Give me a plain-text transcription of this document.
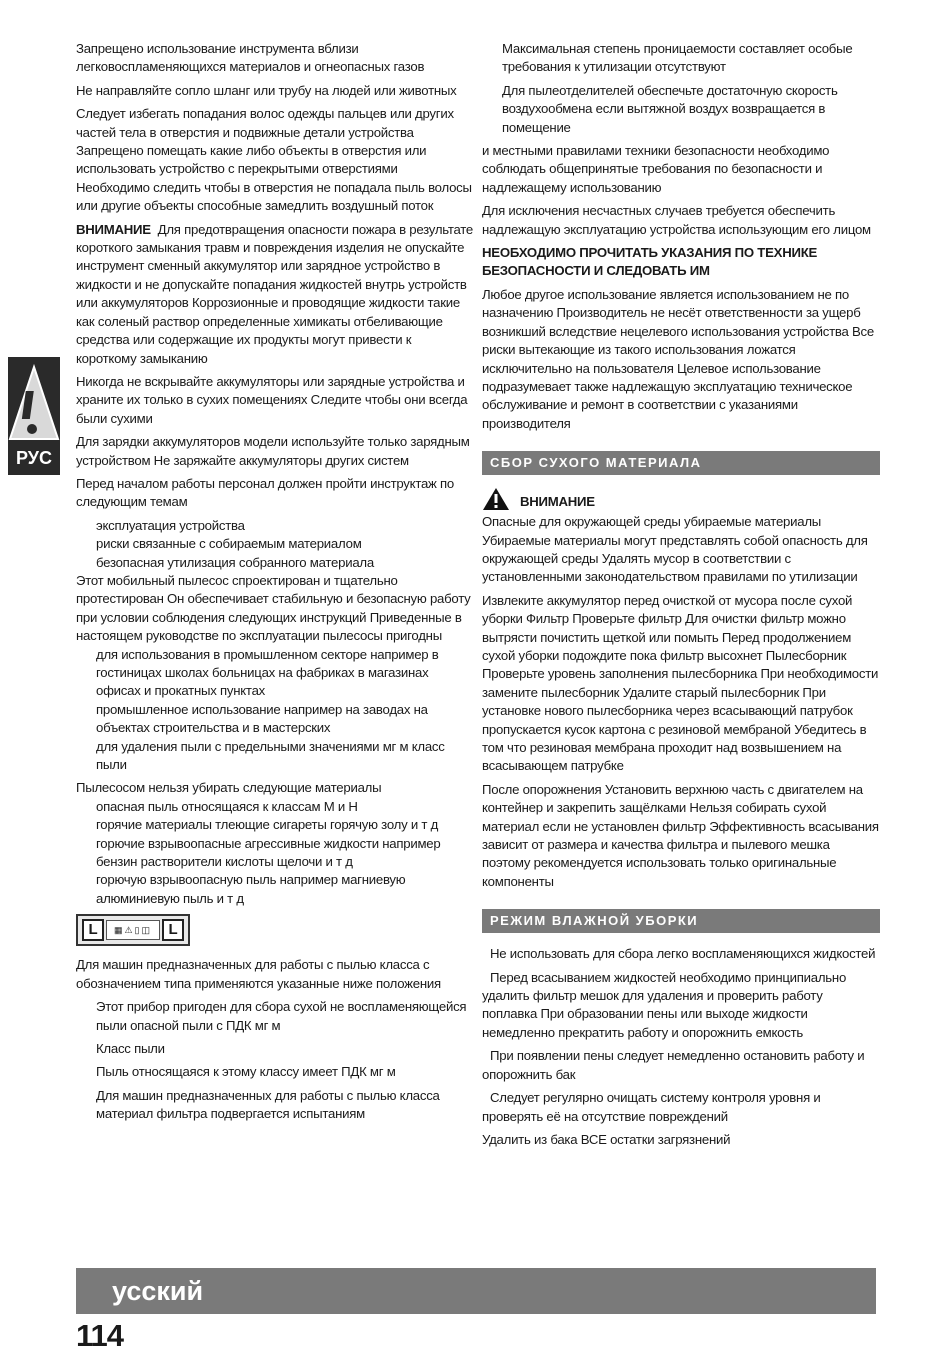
РУС

Запрещено использование инструмента вблизи легковоспламеняющихся материалов и огнеопасных газов

Не направляйте сопло шланг или трубу на людей или животных

Следует избегать попадания волос одежды пальцев или других частей тела в отверстия и подвижные детали устройства Запрещено помещать какие либо объекты в отверстия или использовать устройство с перекрытыми отверстиями Необходимо следить чтобы в отверстия не попадала пыль волосы или другие объекты способные замедлить воздушный поток

ВНИМАНИЕ Для предотвращения опасности пожара в результате короткого замыкания травм и повреждения изделия не опускайте инструмент сменный аккумулятор или зарядное устройство в жидкости и не допускайте попадания жидкостей внутрь устройств или аккумуляторов Коррозионные и проводящие жидкости такие как соленый раствор определенные химикаты отбеливающие средства или содержащие их продукты могут привести к короткому замыканию

Никогда не вскрывайте аккумуляторы или зарядные устройства и храните их только в сухих помещениях Следите чтобы они всегда были сухими

Для зарядки аккумуляторов модели используйте только зарядным устройством Не заряжайте аккумуляторы других систем

Перед началом работы персонал должен пройти инструктаж по следующим темам

эксплуатация устройства

риски связанные с собираемым материалом

безопасная утилизация собранного материала

Этот мобильный пылесос спроектирован и тщательно протестирован Он обеспечивает стабильную и безопасную работу при условии соблюдения следующих инструкций Приведенные в настоящем руководстве по эксплуатации пылесосы пригодны

для использования в промышленном секторе например в гостиницах школах больницах на фабриках в магазинах офисах и прокатных пунктах

промышленное использование например на заводах на объектах строительства и в мастерских

для удаления пыли с предельными значениями мг м класс пыли

Пылесосом нельзя убирать следующие материалы

опасная пыль относящаяся к классам M и H

горячие материалы тлеющие сигареты горячую золу и т д

горючие взрывоопасные агрессивные жидкости например бензин растворители кислоты щелочи и т д

горючую взрывоопасную пыль например магниевую алюминиевую пыль и т д

L	▦⚠▯◫	L

Для машин предназначенных для работы с пылью класса с обозначением типа применяются указанные ниже положения

Этот прибор пригоден для сбора сухой не воспламеняющейся пыли опасной пыли с ПДК мг м

Класс пыли

Пыль относящаяся к этому классу имеет ПДК мг м

Для машин предназначенных для работы с пылью класса материал фильтра подвергается испытаниям

Максимальная степень проницаемости составляет особые требования к утилизации отсутствуют

Для пылеотделителей обеспечьте достаточную скорость воздухообмена если вытяжной воздух возвращается в помещение

и местными правилами техники безопасности необходимо соблюдать общепринятые требования по безопасности и надлежащему использованию

Для исключения несчастных случаев требуется обеспечить надлежащую эксплуатацию устройства использующим его лицом

НЕОБХОДИМО ПРОЧИТАТЬ УКАЗАНИЯ ПО ТЕХНИКЕ БЕЗОПАСНОСТИ И СЛЕДОВАТЬ ИМ

Любое другое использование является использованием не по назначению Производитель не несёт ответственности за ущерб возникший вследствие нецелевого использования устройства Все риски вытекающие из такого использования ложатся исключительно на пользователя Целевое использование подразумевает также надлежащую эксплуатацию техническое обслуживание и ремонт в соответствии с указаниями производителя

СБОР СУХОГО МАТЕРИАЛА
ВНИМАНИЕ

Опасные для окружающей среды убираемые материалы Убираемые материалы могут представлять собой опасность для окружающей среды Удалять мусор в соответствии с установленными законодательством правилами по утилизации

Извлеките аккумулятор перед очисткой от мусора после сухой уборки Фильтр Проверьте фильтр Для очистки фильтр можно вытрясти почистить щеткой или помыть Перед продолжением сухой уборки подождите пока фильтр высохнет Пылесборник Проверьте уровень заполнения пылесборника При необходимости замените пылесборник Удалите старый пылесборник При установке нового пылесборника через всасывающий патрубок пропускается кусок картона с резиновой мембраной Убедитесь в том что резиновая мембрана проходит над возвышением на всасывающем патрубке

После опорожнения Установить верхнюю часть с двигателем на контейнер и закрепить защёлками Нельзя собирать сухой материал если не установлен фильтр Эффективность всасывания зависит от размера и качества фильтра и пылевого мешка поэтому рекомендуется использовать только оригинальные компоненты

РЕЖИМ ВЛАЖНОЙ УБОРКИ

Не использовать для сбора легко воспламеняющихся жидкостей

Перед всасыванием жидкостей необходимо принципиально удалить фильтр мешок для удаления и проверить работу поплавка При образовании пены или выходе жидкости немедленно прекратить работу и опорожнить емкость

При появлении пены следует немедленно остановить работу и опорожнить бак

Следует регулярно очищать систему контроля уровня и проверять её на отсутствие повреждений

Удалить из бака ВСЕ остатки загрязнений

усский
114
